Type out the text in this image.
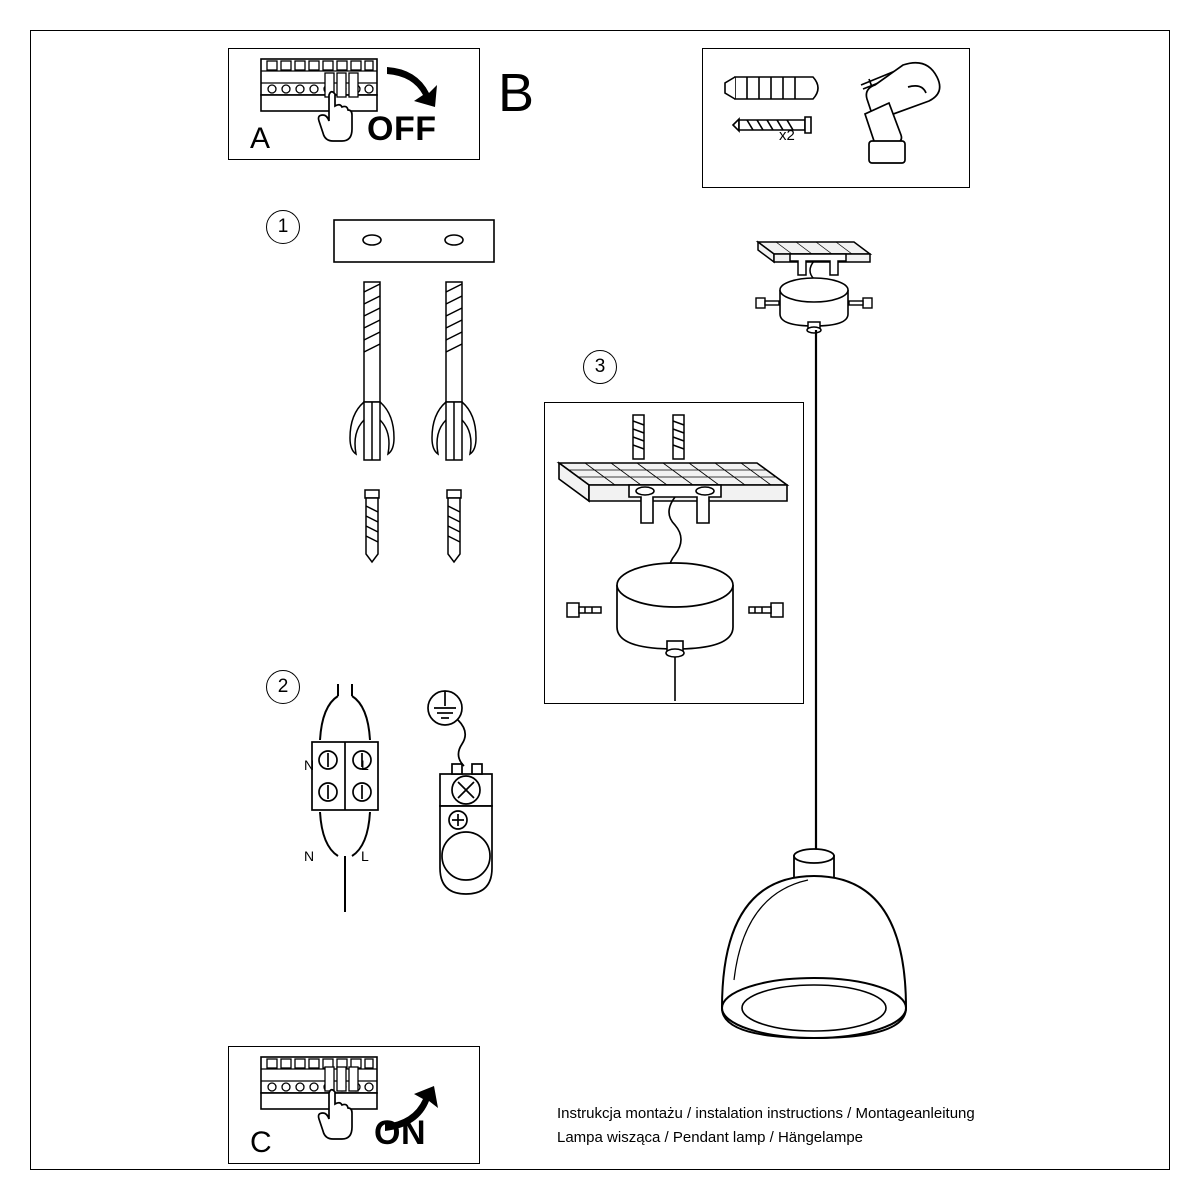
A	OFF
B
x2
1
2
N	L
N	L
3
C	ON
Instrukcja montażu / instalation instructions / Montageanleitung
Lampa wisząca / Pendant lamp / Hängelampe
